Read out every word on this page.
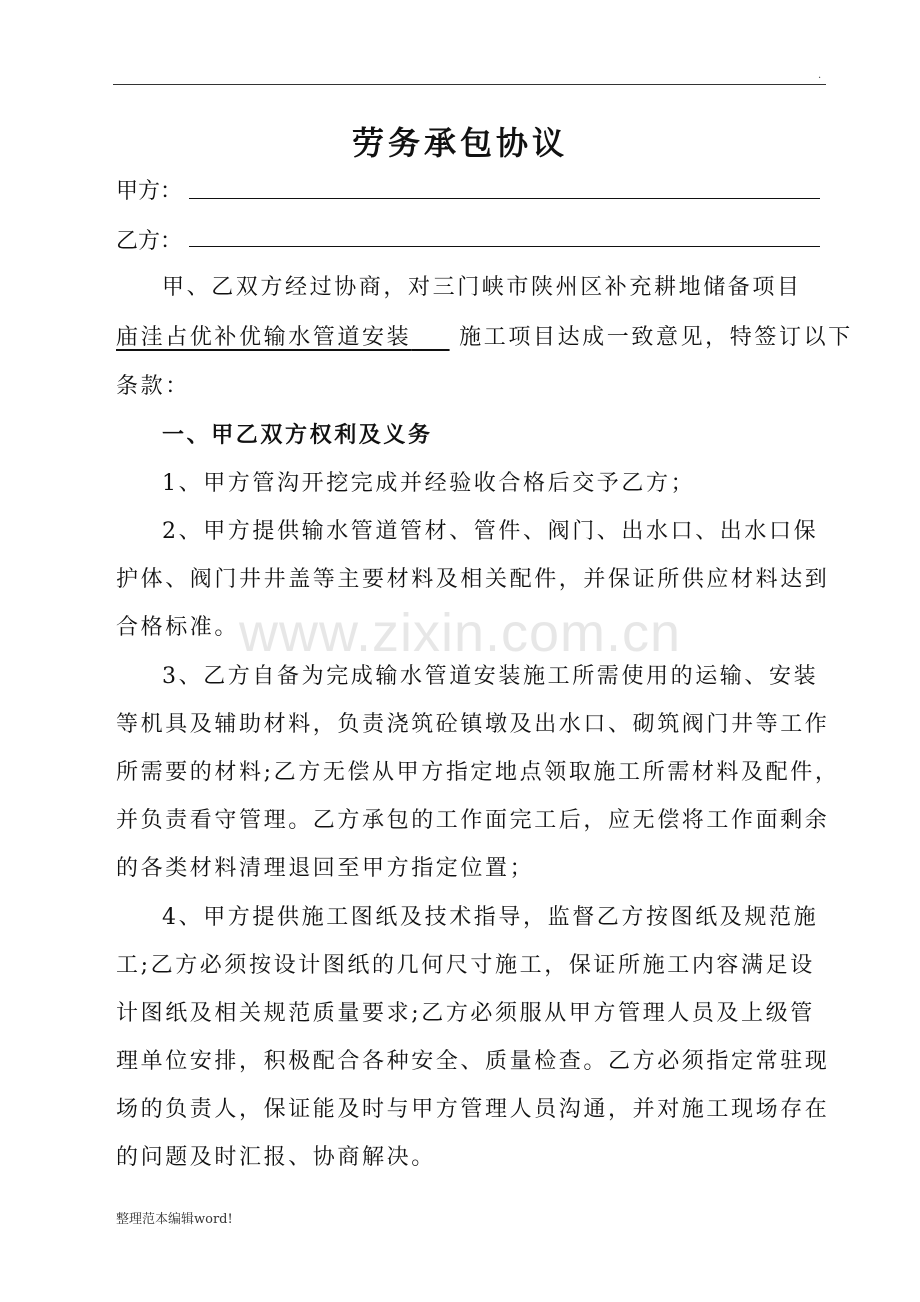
.
劳务承包协议
甲方：
乙方：
甲、乙双方经过协商，对三门峡市陕州区补充耕地储备项目
庙洼占优补优输水管道安装 施工项目达成一致意见，特签订以下
条款：
一、甲乙双方权利及义务
1、甲方管沟开挖完成并经验收合格后交予乙方；
2、甲方提供输水管道管材、管件、阀门、出水口、出水口保
护体、阀门井井盖等主要材料及相关配件，并保证所供应材料达到
合格标准。
3、乙方自备为完成输水管道安装施工所需使用的运输、安装
等机具及辅助材料，负责浇筑砼镇墩及出水口、砌筑阀门井等工作
所需要的材料;乙方无偿从甲方指定地点领取施工所需材料及配件，
并负责看守管理。乙方承包的工作面完工后，应无偿将工作面剩余
的各类材料清理退回至甲方指定位置；
4、甲方提供施工图纸及技术指导，监督乙方按图纸及规范施
工;乙方必须按设计图纸的几何尺寸施工，保证所施工内容满足设
计图纸及相关规范质量要求;乙方必须服从甲方管理人员及上级管
理单位安排，积极配合各种安全、质量检查。乙方必须指定常驻现
场的负责人，保证能及时与甲方管理人员沟通，并对施工现场存在
的问题及时汇报、协商解决。
www.zixin.com.cn
整理范本编辑word!
